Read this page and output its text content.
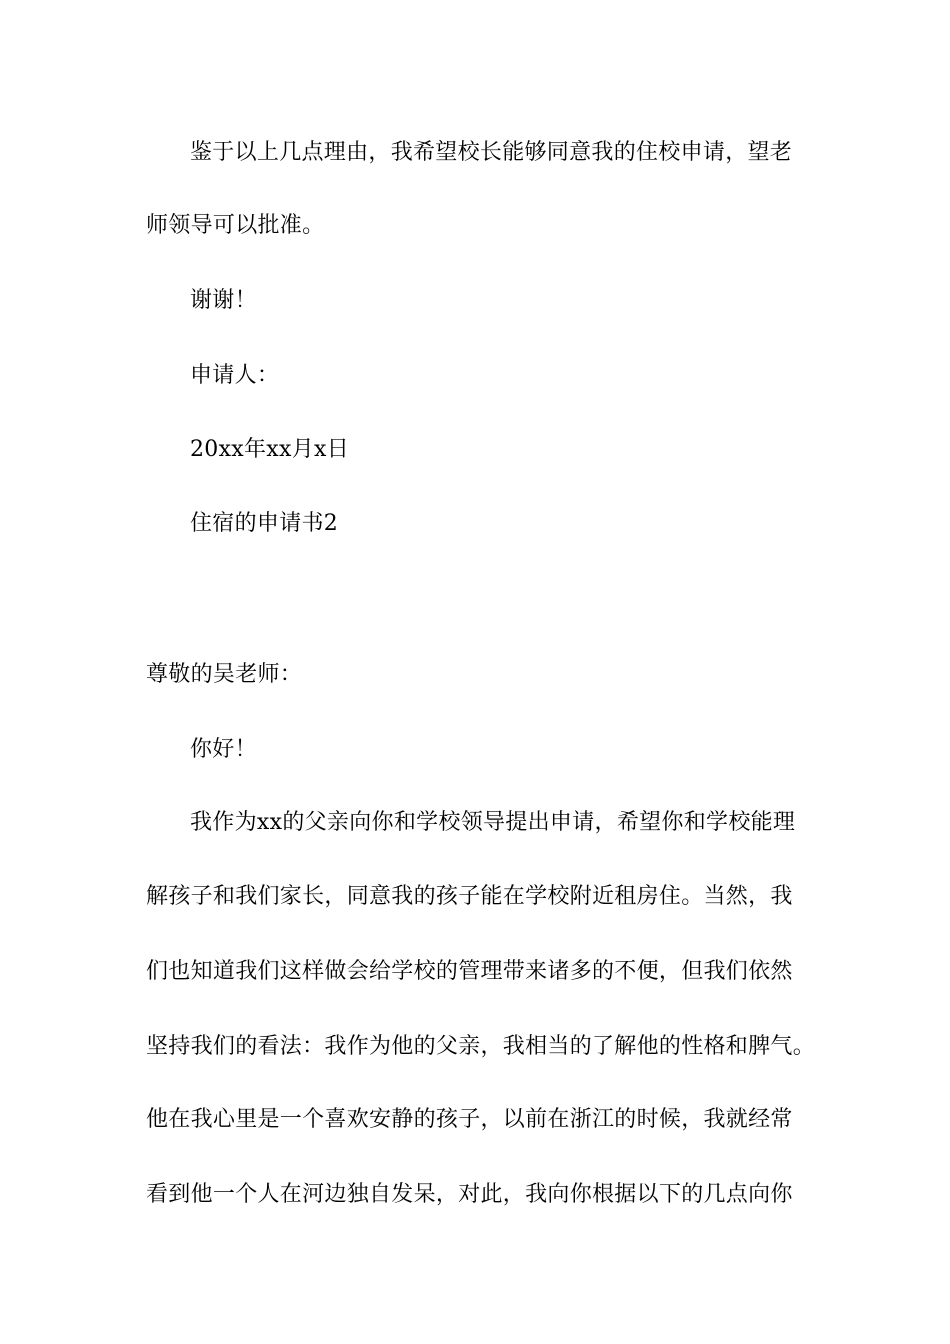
鉴于以上几点理由，我希望校长能够同意我的住校申请，望老
师领导可以批准。
谢谢！
申请人：
20xx年xx月x日
住宿的申请书2
尊敬的吴老师：
你好！
我作为xx的父亲向你和学校领导提出申请，希望你和学校能理
解孩子和我们家长，同意我的孩子能在学校附近租房住。当然，我
们也知道我们这样做会给学校的管理带来诸多的不便，但我们依然
坚持我们的看法：我作为他的父亲，我相当的了解他的性格和脾气。
他在我心里是一个喜欢安静的孩子，以前在浙江的时候，我就经常
看到他一个人在河边独自发呆，对此，我向你根据以下的几点向你
